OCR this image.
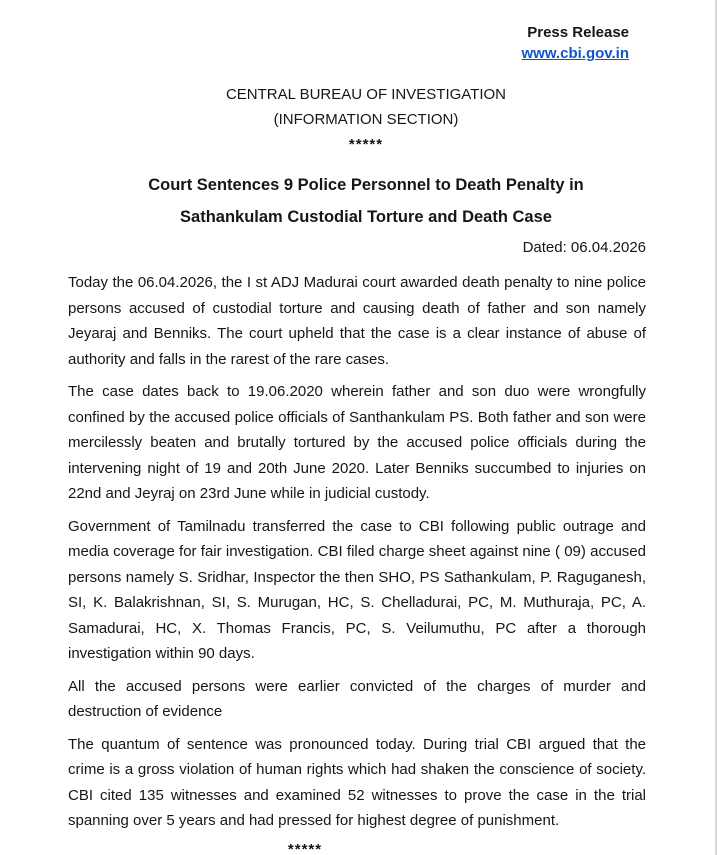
Press Release
www.cbi.gov.in
CENTRAL BUREAU OF INVESTIGATION
(INFORMATION SECTION)
*****
Court Sentences 9 Police Personnel to Death Penalty in
Sathankulam Custodial Torture and Death Case
Dated: 06.04.2026

Today the 06.04.2026, the I st ADJ Madurai court awarded death penalty to nine police persons accused of custodial torture and causing death of father and son namely Jeyaraj and Benniks. The court upheld that the case is a clear instance of abuse of authority and falls in the rarest of the rare cases.

The case dates back to 19.06.2020 wherein father and son duo were wrongfully confined by the accused police officials of Santhankulam PS. Both father and son were mercilessly beaten and brutally tortured by the accused police officials during the intervening night of 19 and 20th June 2020. Later Benniks succumbed to injuries on 22nd and Jeyraj on 23rd June while in judicial custody.

Government of Tamilnadu transferred the case to CBI following public outrage and media coverage for fair investigation. CBI filed charge sheet against nine ( 09) accused persons namely S. Sridhar, Inspector the then SHO, PS Sathankulam, P. Raguganesh, SI, K. Balakrishnan, SI, S. Murugan, HC, S. Chelladurai, PC, M. Muthuraja, PC, A. Samadurai, HC, X. Thomas Francis, PC, S. Veilumuthu, PC after a thorough investigation within 90 days.

All the accused persons were earlier convicted of the charges of murder and destruction of evidence

The quantum of sentence was pronounced today. During trial CBI argued that the crime is a gross violation of human rights which had shaken the conscience of society. CBI cited 135 witnesses and examined 52 witnesses to prove the case in the trial spanning over 5 years and had pressed for highest degree of punishment.

*****
